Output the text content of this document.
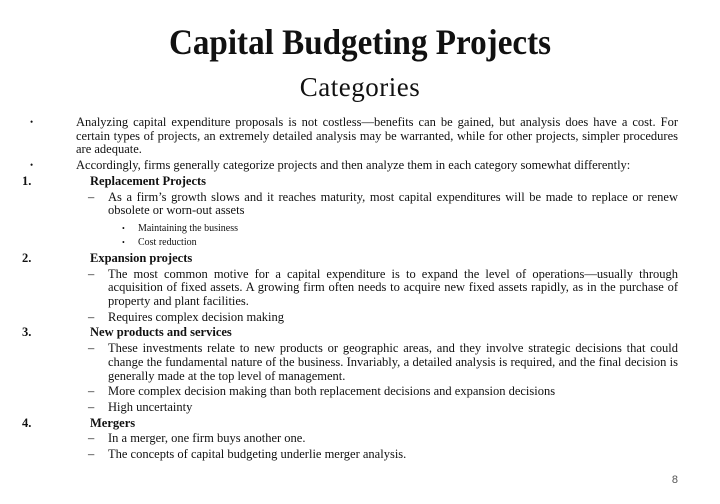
Capital Budgeting Projects
Categories
•	Analyzing capital expenditure proposals is not costless—benefits can be gained, but analysis does have a cost. For certain types of projects, an extremely detailed analysis may be warranted, while for other projects, simpler procedures are adequate.
•	Accordingly, firms generally categorize projects and then analyze them in each category somewhat differently:
1.	Replacement Projects
– As a firm’s growth slows and it reaches maturity, most capital expenditures will be made to replace or renew obsolete or worn-out assets
• Maintaining the business
• Cost reduction
2.	Expansion projects
– The most common motive for a capital expenditure is to expand the level of operations—usually through acquisition of fixed assets. A growing firm often needs to acquire new fixed assets rapidly, as in the purchase of property and plant facilities.
– Requires complex decision making
3.	New products and services
– These investments relate to new products or geographic areas, and they involve strategic decisions that could change the fundamental nature of the business. Invariably, a detailed analysis is required, and the final decision is generally made at the top level of management.
– More complex decision making than both replacement decisions and expansion decisions
– High uncertainty
4.	Mergers
– In a merger, one firm buys another one.
– The concepts of capital budgeting underlie merger analysis.
8
